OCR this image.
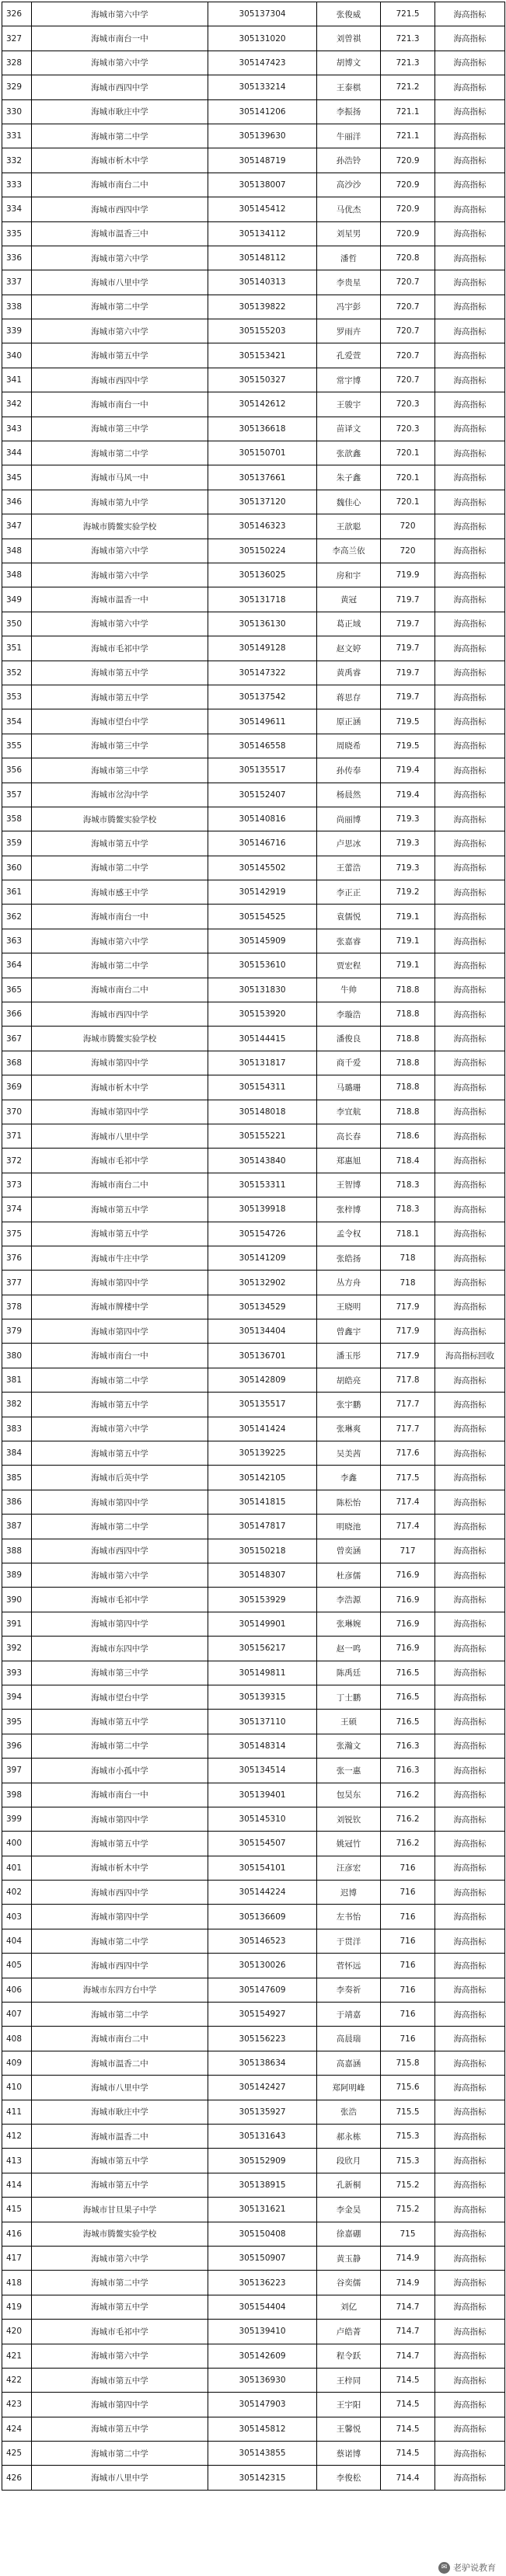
326	海城市第六中学	305137304	张俊威	721.5	海高指标
327	海城市南台一中	305131020	刘曾祺	721.3	海高指标
328	海城市第六中学	305147423	胡博文	721.3	海高指标
329	海城市西四中学	305133214	王泰棋	721.2	海高指标
330	海城市耿庄中学	305141206	李振扬	721.1	海高指标
331	海城市第二中学	305139630	牛丽洋	721.1	海高指标
332	海城市析木中学	305148719	孙浩铃	720.9	海高指标
333	海城市南台二中	305138007	高沙沙	720.9	海高指标
334	海城市西四中学	305145412	马优杰	720.9	海高指标
335	海城市温香三中	305134112	刘星男	720.9	海高指标
336	海城市第六中学	305148112	潘哲	720.8	海高指标
337	海城市八里中学	305140313	李贵星	720.7	海高指标
338	海城市第二中学	305139822	冯宇彭	720.7	海高指标
339	海城市第六中学	305155203	罗雨卉	720.7	海高指标
340	海城市第五中学	305153421	孔爱萱	720.7	海高指标
341	海城市西四中学	305150327	常宇博	720.7	海高指标
342	海城市南台一中	305142612	王骏宇	720.3	海高指标
343	海城市第三中学	305136618	苗译文	720.3	海高指标
344	海城市第二中学	305150701	张歆鑫	720.1	海高指标
345	海城市马风一中	305137661	朱子鑫	720.1	海高指标
346	海城市第九中学	305137120	魏佳心	720.1	海高指标
347	海城市腾鳌实验学校	305146323	王歆聪	720	海高指标
348	海城市第六中学	305150224	李高兰依	720	海高指标
348	海城市第六中学	305136025	房和宇	719.9	海高指标
349	海城市温香一中	305131718	黄冠	719.7	海高指标
350	海城市第六中学	305136130	葛正域	719.7	海高指标
351	海城市毛祁中学	305149128	赵文婷	719.7	海高指标
352	海城市第五中学	305147322	黄禹睿	719.7	海高指标
353	海城市第五中学	305137542	蒋思存	719.7	海高指标
354	海城市望台中学	305149611	原正涵	719.5	海高指标
355	海城市第三中学	305146558	周晓希	719.5	海高指标
356	海城市第三中学	305135517	孙传奉	719.4	海高指标
357	海城市岔沟中学	305152407	杨晨然	719.4	海高指标
358	海城市腾鳌实验学校	305140816	尚丽博	719.3	海高指标
359	海城市第五中学	305146716	卢思冰	719.3	海高指标
360	海城市第二中学	305145502	王蕾浩	719.3	海高指标
361	海城市感王中学	305142919	李正正	719.2	海高指标
362	海城市南台一中	305154525	袁儒悦	719.1	海高指标
363	海城市第六中学	305145909	张嘉睿	719.1	海高指标
364	海城市第二中学	305153610	贾宏程	719.1	海高指标
365	海城市南台二中	305131830	牛帅	718.8	海高指标
366	海城市西四中学	305153920	李璇浩	718.8	海高指标
367	海城市腾鳌实验学校	305144415	潘俊良	718.8	海高指标
368	海城市第四中学	305131817	商千爱	718.8	海高指标
369	海城市析木中学	305154311	马璐珊	718.8	海高指标
370	海城市第四中学	305148018	李宜航	718.8	海高指标
371	海城市八里中学	305155221	高长春	718.6	海高指标
372	海城市毛祁中学	305143840	郑惠旭	718.4	海高指标
373	海城市南台二中	305153311	王智博	718.3	海高指标
374	海城市第五中学	305139918	张梓博	718.3	海高指标
375	海城市第五中学	305154726	孟令权	718.1	海高指标
376	海城市牛庄中学	305141209	张皓扬	718	海高指标
377	海城市第四中学	305132902	丛方舟	718	海高指标
378	海城市牌楼中学	305134529	王晓明	717.9	海高指标
379	海城市第四中学	305134404	曾鑫宇	717.9	海高指标
380	海城市南台一中	305136701	潘玉彤	717.9	海高指标回收
381	海城市第二中学	305142809	胡皓亮	717.8	海高指标
382	海城市第五中学	305135517	张宇鹏	717.7	海高指标
383	海城市第六中学	305141424	张琳爽	717.7	海高指标
384	海城市第五中学	305139225	吴美茜	717.6	海高指标
385	海城市后英中学	305142105	李鑫	717.5	海高指标
386	海城市第四中学	305141815	陈松怡	717.4	海高指标
387	海城市第二中学	305147817	明晓池	717.4	海高指标
388	海城市西四中学	305150218	曾奕涵	717	海高指标
389	海城市第六中学	305148307	杜彦儒	716.9	海高指标
390	海城市毛祁中学	305153929	李浩源	716.9	海高指标
391	海城市第四中学	305149901	张琳婉	716.9	海高指标
392	海城市东四中学	305156217	赵一鸣	716.9	海高指标
393	海城市第三中学	305149811	陈禹廷	716.5	海高指标
394	海城市望台中学	305139315	丁士鹏	716.5	海高指标
395	海城市第五中学	305137110	王硕	716.5	海高指标
396	海城市第二中学	305148314	张瀚文	716.3	海高指标
397	海城市小孤中学	305134514	张一惠	716.3	海高指标
398	海城市南台一中	305139401	包昊东	716.2	海高指标
399	海城市第四中学	305145310	刘锐钦	716.2	海高指标
400	海城市第五中学	305154507	姚冠竹	716.2	海高指标
401	海城市析木中学	305154101	汪彦宏	716	海高指标
402	海城市西四中学	305144224	迟博	716	海高指标
403	海城市第四中学	305136609	左书怡	716	海高指标
404	海城市第二中学	305146523	于贯洋	716	海高指标
405	海城市西四中学	305130026	菅怀远	716	海高指标
406	海城市东四方台中学	305147609	李奏祈	716	海高指标
407	海城市第二中学	305154927	于靖嘉	716	海高指标
408	海城市南台二中	305156223	高晨瑞	716	海高指标
409	海城市温香二中	305138634	高嘉涵	715.8	海高指标
410	海城市八里中学	305142427	郑阿明峰	715.6	海高指标
411	海城市耿庄中学	305135927	张浩	715.5	海高指标
412	海城市温香二中	305131643	郝永栋	715.3	海高指标
413	海城市第五中学	305152909	段欣月	715.3	海高指标
414	海城市第五中学	305138915	孔新桐	715.2	海高指标
415	海城市甘旦果子中学	305131621	李金昊	715.2	海高指标
416	海城市腾鳌实验学校	305150408	徐嘉硼	715	海高指标
417	海城市第六中学	305150907	黄玉静	714.9	海高指标
418	海城市第二中学	305136223	谷奕儒	714.9	海高指标
419	海城市第五中学	305154404	刘亿	714.7	海高指标
420	海城市毛祁中学	305139410	卢皓菁	714.7	海高指标
421	海城市第六中学	305142609	程令跃	714.7	海高指标
422	海城市第五中学	305136930	王梓同	714.5	海高指标
423	海城市第四中学	305147903	王宇阳	714.5	海高指标
424	海城市第五中学	305145812	王馨悦	714.5	海高指标
425	海城市第二中学	305143855	蔡诺博	714.5	海高指标
426	海城市八里中学	305142315	李俊松	714.4	海高指标
✉ 老驴说教育
